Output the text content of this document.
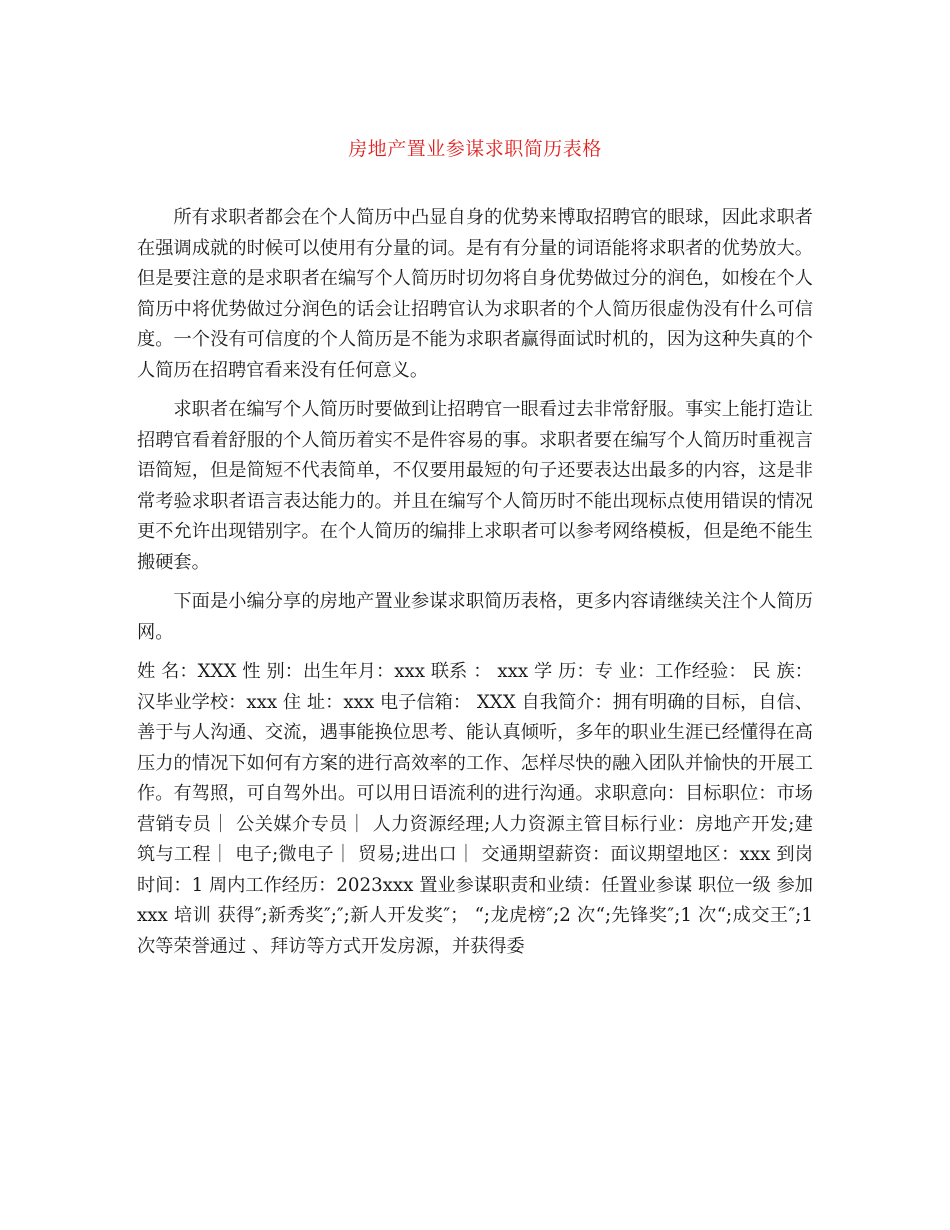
房地产置业参谋求职简历表格

所有求职者都会在个人简历中凸显自身的优势来博取招聘官的眼球，因此求职者在强调成就的时候可以使用有分量的词。是有有分量的词语能将求职者的优势放大。但是要注意的是求职者在编写个人简历时切勿将自身优势做过分的润色，如梭在个人简历中将优势做过分润色的话会让招聘官认为求职者的个人简历很虚伪没有什么可信度。一个没有可信度的个人简历是不能为求职者赢得面试时机的，因为这种失真的个人简历在招聘官看来没有任何意义。

求职者在编写个人简历时要做到让招聘官一眼看过去非常舒服。事实上能打造让招聘官看着舒服的个人简历着实不是件容易的事。求职者要在编写个人简历时重视言语简短，但是简短不代表简单，不仅要用最短的句子还要表达出最多的内容，这是非常考验求职者语言表达能力的。并且在编写个人简历时不能出现标点使用错误的情况更不允许出现错别字。在个人简历的编排上求职者可以参考网络模板，但是绝不能生搬硬套。

下面是小编分享的房地产置业参谋求职简历表格，更多内容请继续关注个人简历网。

姓 名：XXX 性 别：出生年月：xxx 联系 ： xxx 学 历：专 业：工作经验： 民 族：汉毕业学校：xxx 住 址：xxx 电子信箱： XXX 自我简介：拥有明确的目标，自信、善于与人沟通、交流，遇事能换位思考、能认真倾听，多年的职业生涯已经懂得在高压力的情况下如何有方案的进行高效率的工作、怎样尽快的融入团队并愉快的开展工作。有驾照，可自驾外出。可以用日语流利的进行沟通。求职意向：目标职位：市场营销专员｜ 公关媒介专员｜ 人力资源经理;人力资源主管目标行业：房地产开发;建筑与工程｜ 电子;微电子｜ 贸易;进出口｜ 交通期望薪资：面议期望地区：xxx 到岗时间：1 周内工作经历：2023xxx 置业参谋职责和业绩：任置业参谋 职位一级 参加 xxx 培训 获得″;新秀奖″;″;新人开发奖″； “;龙虎榜″;2 次“;先锋奖″;1 次“;成交王″;1 次等荣誉通过 、拜访等方式开发房源，并获得委
